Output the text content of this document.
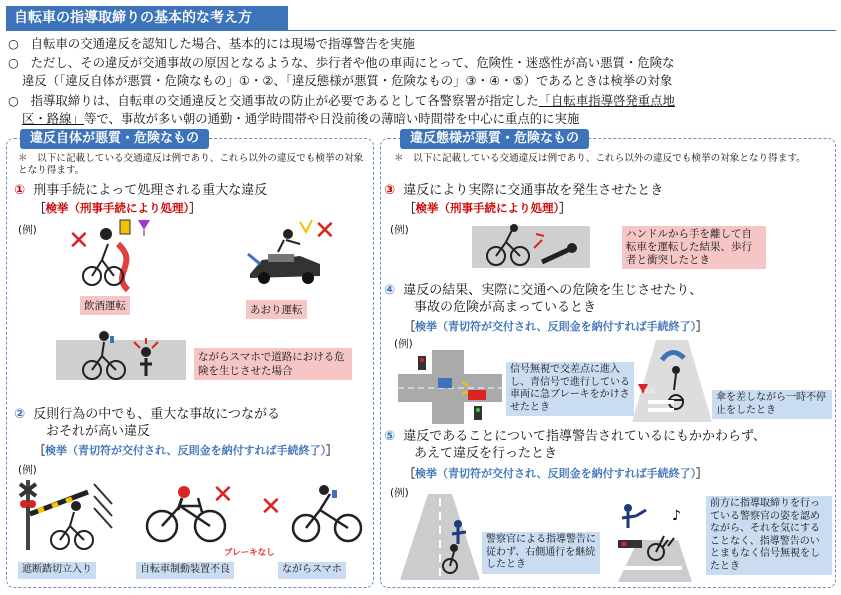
自転車の指導取締りの基本的な考え方
○ 自転車の交通違反を認知した場合、基本的には現場で指導警告を実施
○ ただし、その違反が交通事故の原因となるような、歩行者や他の車両にとって、危険性・迷惑性が高い悪質・危険な
違反（「違反自体が悪質・危険なもの」①・②、「違反態様が悪質・危険なもの」③・④・⑤）であるときは検挙の対象
○ 指導取締りは、自転車の交通違反と交通事故の防止が必要であるとして各警察署が指定した「自転車指導啓発重点地
区・路線」等で、事故が多い朝の通勤・通学時間帯や日没前後の薄暗い時間帯を中心に重点的に実施
違反自体が悪質・危険なもの
＊　以下に記載している交通違反は例であり、これら以外の違反でも検挙の対象となり得ます。
① 刑事手続によって処理される重大な違反
［検挙（刑事手続により処理）］
(例) ✕
飲酒運転
✕
あおり運転
ながらスマホで道路における危険を生じさせた場合
② 反則行為の中でも、重大な事故につながる
おそれが高い違反
［検挙（青切符が交付され、反則金を納付すれば手続終了）］
(例)
遮断踏切立入り
✕
ブレーキなし
自転車制動装置不良
✕
ながらスマホ
違反態様が悪質・危険なもの
＊　以下に記載している交通違反は例であり、これら以外の違反でも検挙の対象となり得ます。
③ 違反により実際に交通事故を発生させたとき
［検挙（刑事手続により処理）］
(例)	ハンドルから手を離して自転車を運転した結果、歩行者と衝突したとき
④ 違反の結果、実際に交通への危険を生じさせたり、
事故の危険が高まっているとき
［検挙（青切符が交付され、反則金を納付すれば手続終了）］
(例)
信号無視で交差点に進入し、青信号で進行している車両に急ブレーキをかけさせたとき
止まれ
傘を差しながら一時不停止をしたとき
⑤ 違反であることについて指導警告されているにもかかわらず、
あえて違反を行ったとき
［検挙（青切符が交付され、反則金を納付すれば手続終了）］
(例)
警察官による指導警告に従わず、右側通行を継続したとき
♪
前方に指導取締りを行っている警察官の姿を認めながら、それを気にすることなく、指導警告のいとまもなく信号無視をしたとき
